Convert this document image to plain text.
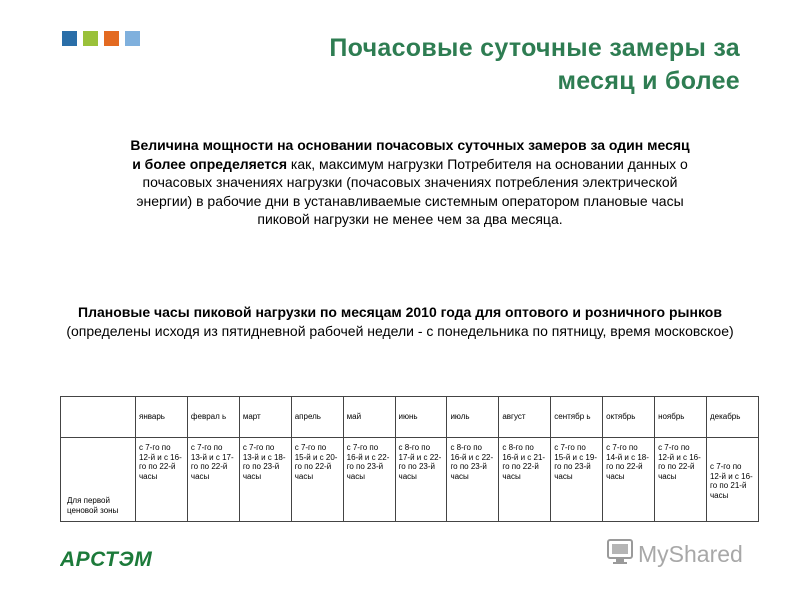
Почасовые суточные замеры за
месяц и более
Величина мощности на основании почасовых суточных замеров за один месяц и более определяется как, максимум нагрузки Потребителя на основании данных о почасовых значениях нагрузки (почасовых значениях потребления электрической энергии) в рабочие дни в устанавливаемые системным оператором плановые часы пиковой нагрузки не менее чем за два месяца.
Плановые часы пиковой нагрузки по месяцам 2010 года для оптового и розничного рынков
(определены исходя из пятидневной рабочей недели - с понедельника по пятницу, время московское)
	январь	феврал ь	март	апрель	май	июнь	июль	август	сентябр ь	октябрь	ноябрь	декабрь
Для первой ценовой зоны	с 7-го по 12-й и с 16-го по 22-й часы	с 7-го по 13-й и с 17-го по 22-й часы	с 7-го по 13-й и с 18-го по 23-й часы	с 7-го по 15-й и с 20-го по 22-й часы	с 7-го по 16-й и с 22-го по 23-й часы	с 8-го по 17-й и с 22-го по 23-й часы	с 8-го по 16-й и с 22-го по 23-й часы	с 8-го по 16-й и с 21-го по 22-й часы	с 7-го по 15-й и с 19-го по 23-й часы	с 7-го по 14-й и с 18-го по 22-й часы	с 7-го по 12-й и с 16-го по 22-й часы	с 7-го по 12-й и с 16-го по 21-й часы
АРСТЭМ	MyShared
